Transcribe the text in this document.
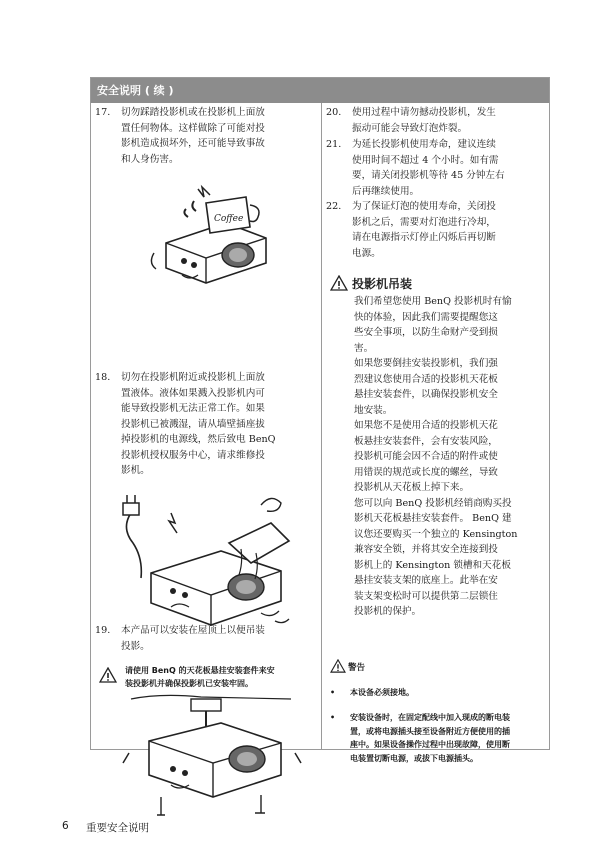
安全说明 ( 续 )
17.	切勿踩踏投影机或在投影机上面放
置任何物体。这样做除了可能对投
影机造成损坏外，还可能导致事故
和人身伤害。
Coffee
18.	切勿在投影机附近或投影机上面放
置液体。液体如果溅入投影机内可
能导致投影机无法正常工作。如果
投影机已被溅湿，请从墙壁插座拔
掉投影机的电源线，然后致电 BenQ
投影机授权服务中心，请求维修投
影机。
19.	本产品可以安装在屋顶上以便吊装
投影。
请使用 BenQ 的天花板悬挂安装套件来安
装投影机并确保投影机已安装牢固。
20.	使用过程中请勿撼动投影机，发生
振动可能会导致灯泡炸裂。
21.	为延长投影机使用寿命，建议连续
使用时间不超过 4 个小时。如有需
要，请关闭投影机等待 45 分钟左右
后再继续使用。
22.	为了保证灯泡的使用寿命，关闭投
影机之后，需要对灯泡进行冷却，
请在电源指示灯停止闪烁后再切断
电源。
投影机吊装
我们希望您使用 BenQ 投影机时有愉
快的体验，因此我们需要提醒您这
些安全事项，以防生命财产受到损
害。
如果您要倒挂安装投影机，我们强
烈建议您使用合适的投影机天花板
悬挂安装套件，以确保投影机安全
地安装。
如果您不是使用合适的投影机天花
板悬挂安装套件，会有安装风险，
投影机可能会因不合适的附件或使
用错误的规范或长度的螺丝，导致
投影机从天花板上掉下来。
您可以向 BenQ 投影机经销商购买投
影机天花板悬挂安装套件。 BenQ 建
议您还要购买一个独立的 Kensington
兼容安全锁，并将其安全连接到投
影机上的 Kensington 锁槽和天花板
悬挂安装支架的底座上。此举在安
装支架变松时可以提供第二层锁住
投影机的保护。
警告
• 本设备必须接地。
• 安装设备时，在固定配线中加入现成的断电装
置，或将电源插头接至设备附近方便使用的插
座中。如果设备操作过程中出现故障，使用断
电装置切断电源，或拔下电源插头。
6 重要安全说明
